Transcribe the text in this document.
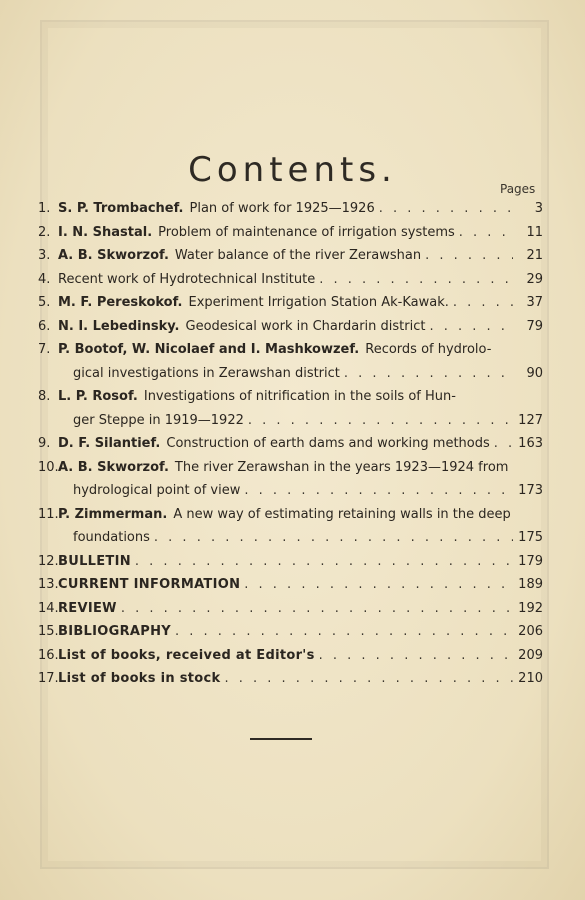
Contents.	Pages
1. S. P. Trombachef. Plan of work for 1925—1926 . . .	3
2. I. N. Shastal. Problem of maintenance of irrigation systems . . .	11
3. A. B. Skworzof. Water balance of the river Zerawshan . . .	21
4. Recent work of Hydrotechnical Institute . . .	29
5. M. F. Pereskokof. Experiment Irrigation Station Ak-Kawak. . . .	37
6. N. I. Lebedinsky. Geodesical work in Chardarin district . . .	79
7. P. Bootof, W. Nicolaef and I. Mashkowzef. Records of hydrolo-
gical investigations in Zerawshan district . . .	90
8. L. P. Rosof. Investigations of nitrification in the soils of Hun-
ger Steppe in 1919—1922 . . .	127
9. D. F. Silantief. Construction of earth dams and working methods . . . 163
10. A. B. Skworzof. The river Zerawshan in the years 1923—1924 from
hydrological point of view . . .	173
11. P. Zimmerman. A new way of estimating retaining walls in the deep
foundations . . .	175
12. BULLETIN . . .	179
13. CURRENT INFORMATION . . .	189
14. REVIEW . . .	192
15. BIBLIOGRAPHY . . .	206
16. List of books, received at Editor's . . .	209
17. List of books in stock . . .	210
